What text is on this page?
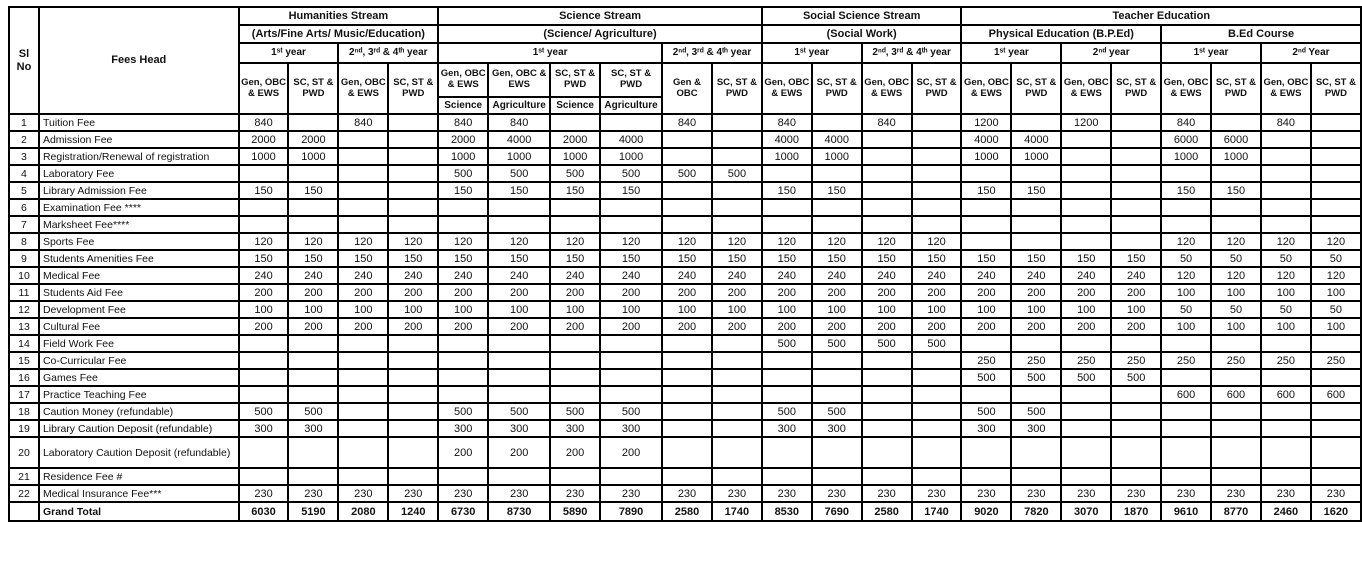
Sl No	Fees Head	Humanities Stream				Science Stream						Social Science Stream				Teacher Education							
		(Arts/Fine Arts/ Music/Education)				(Science/ Agriculture)						(Social Work)				Physical Education (B.P.Ed)				B.Ed Course			
		1ˢᵗ year		2ⁿᵈ, 3ʳᵈ & 4ᵗʰ year		1ˢᵗ year				2ⁿᵈ, 3ʳᵈ & 4ᵗʰ year		1ˢᵗ year		2ⁿᵈ, 3ʳᵈ & 4ᵗʰ year		1ˢᵗ year		2ⁿᵈ year		1ˢᵗ year		2ⁿᵈ Year	
		Gen, OBC & EWS	SC, ST & PWD	Gen, OBC & EWS	SC, ST & PWD	Gen, OBC & EWS	Gen, OBC & EWS	SC, ST & PWD	SC, ST & PWD	Gen & OBC	SC, ST & PWD	Gen, OBC & EWS	SC, ST & PWD	Gen, OBC & EWS	SC, ST & PWD	Gen, OBC & EWS	SC, ST & PWD	Gen, OBC & EWS	SC, ST & PWD	Gen, OBC & EWS	SC, ST & PWD	Gen, OBC & EWS	SC, ST & PWD
						Science	Agriculture	Science	Agriculture														
1	Tuition Fee	840		840		840	840			840		840		840		1200		1200		840		840	
2	Admission Fee	2000	2000			2000	4000	2000	4000			4000	4000			4000	4000			6000	6000		
3	Registration/Renewal of registration	1000	1000			1000	1000	1000	1000			1000	1000			1000	1000			1000	1000		
4	Laboratory Fee					500	500	500	500	500	500												
5	Library Admission Fee	150	150			150	150	150	150			150	150			150	150			150	150		
6	Examination Fee ****																						
7	Marksheet Fee****																						
8	Sports Fee	120	120	120	120	120	120	120	120	120	120	120	120	120	120					120	120	120	120
9	Students Amenities Fee	150	150	150	150	150	150	150	150	150	150	150	150	150	150	150	150	150	150	50	50	50	50
10	Medical Fee	240	240	240	240	240	240	240	240	240	240	240	240	240	240	240	240	240	240	120	120	120	120
11	Students Aid Fee	200	200	200	200	200	200	200	200	200	200	200	200	200	200	200	200	200	200	100	100	100	100
12	Development Fee	100	100	100	100	100	100	100	100	100	100	100	100	100	100	100	100	100	100	50	50	50	50
13	Cultural Fee	200	200	200	200	200	200	200	200	200	200	200	200	200	200	200	200	200	200	100	100	100	100
14	Field Work Fee											500	500	500	500								
15	Co-Curricular Fee															250	250	250	250	250	250	250	250
16	Games Fee															500	500	500	500				
17	Practice Teaching Fee																			600	600	600	600
18	Caution Money (refundable)	500	500			500	500	500	500			500	500			500	500						
19	Library Caution Deposit (refundable)	300	300			300	300	300	300			300	300			300	300						
20	Laboratory Caution Deposit (refundable)					200	200	200	200														
21	Residence Fee #																						
22	Medical Insurance Fee***	230	230	230	230	230	230	230	230	230	230	230	230	230	230	230	230	230	230	230	230	230	230
	Grand Total	6030	5190	2080	1240	6730	8730	5890	7890	2580	1740	8530	7690	2580	1740	9020	7820	3070	1870	9610	8770	2460	1620
